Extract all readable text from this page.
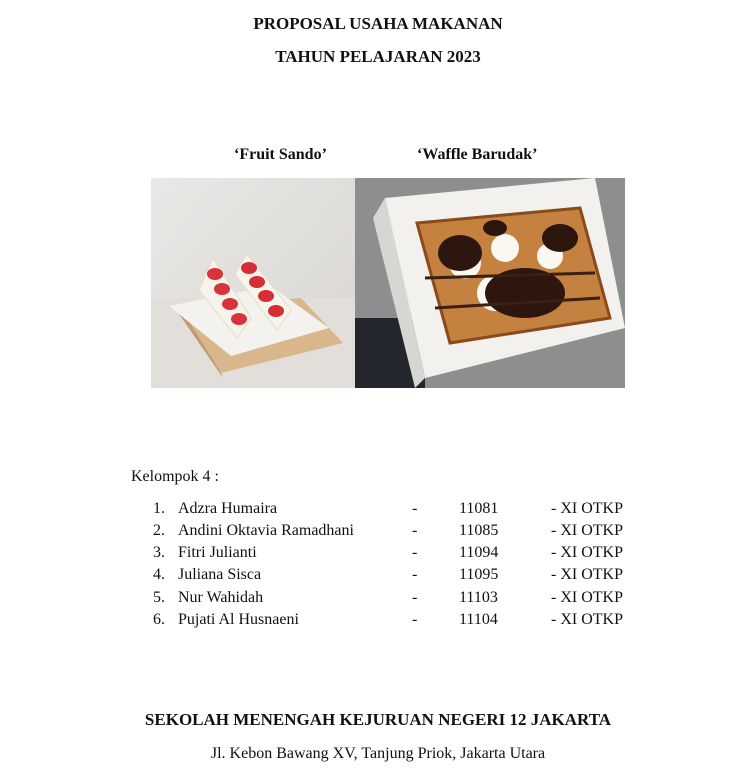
PROPOSAL USAHA MAKANAN
TAHUN PELAJARAN 2023
‘Fruit Sando’	‘Waffle Barudak’
Kelompok 4 :
1. Adzra Humaira	-	11081	- XI OTKP
2. Andini Oktavia Ramadhani	-	11085	- XI OTKP
3. Fitri Julianti	-	11094	- XI OTKP
4. Juliana Sisca	-	11095	- XI OTKP
5. Nur Wahidah	-	11103	- XI OTKP
6. Pujati Al Husnaeni	-	11104	- XI OTKP
SEKOLAH MENENGAH KEJURUAN NEGERI 12 JAKARTA
Jl. Kebon Bawang XV, Tanjung Priok, Jakarta Utara
